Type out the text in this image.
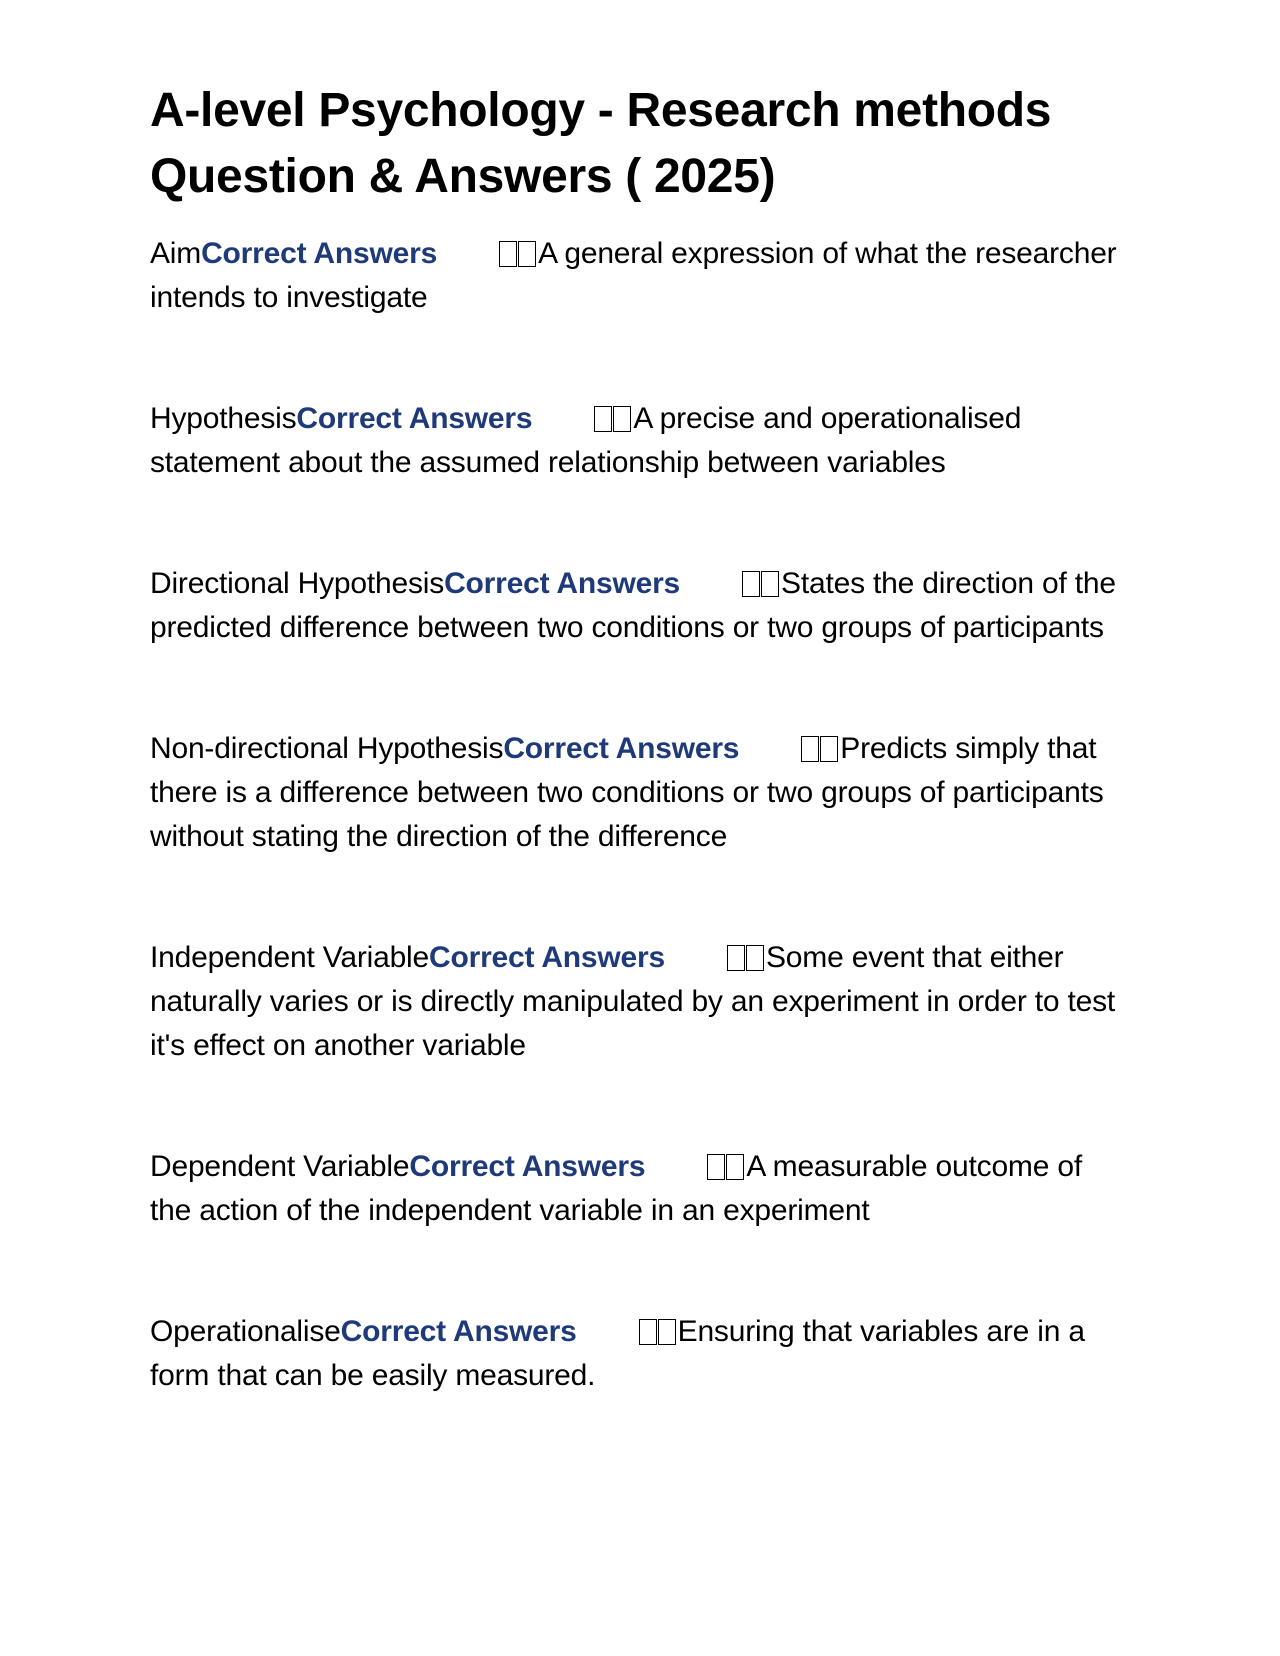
A-level Psychology - Research methods
Question & Answers ( 2025)

AimCorrect Answers	A general expression of what the researcher intends to investigate

HypothesisCorrect Answers	A precise and operationalised statement about the assumed relationship between variables

Directional HypothesisCorrect Answers	States the direction of the predicted difference between two conditions or two groups of participants

Non-directional HypothesisCorrect Answers	Predicts simply that there is a difference between two conditions or two groups of participants without stating the direction of the difference

Independent VariableCorrect Answers	Some event that either naturally varies or is directly manipulated by an experiment in order to test it's effect on another variable

Dependent VariableCorrect Answers	A measurable outcome of the action of the independent variable in an experiment

OperationaliseCorrect Answers	Ensuring that variables are in a form that can be easily measured.
